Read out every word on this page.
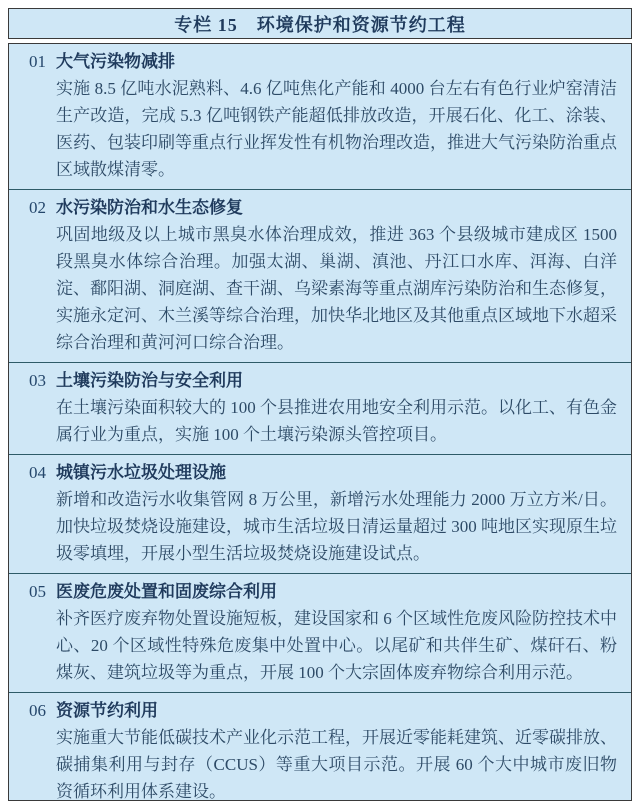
专栏 15　环境保护和资源节约工程
01 大气污染物减排
实施 8.5 亿吨水泥熟料、4.6 亿吨焦化产能和 4000 台左右有色行业炉窑清洁生产改造，完成 5.3 亿吨钢铁产能超低排放改造，开展石化、化工、涂装、医药、包装印刷等重点行业挥发性有机物治理改造，推进大气污染防治重点区域散煤清零。
02 水污染防治和水生态修复
巩固地级及以上城市黑臭水体治理成效，推进 363 个县级城市建成区 1500 段黑臭水体综合治理。加强太湖、巢湖、滇池、丹江口水库、洱海、白洋淀、鄱阳湖、洞庭湖、查干湖、乌梁素海等重点湖库污染防治和生态修复，实施永定河、木兰溪等综合治理，加快华北地区及其他重点区域地下水超采综合治理和黄河河口综合治理。
03 土壤污染防治与安全利用
在土壤污染面积较大的 100 个县推进农用地安全利用示范。以化工、有色金属行业为重点，实施 100 个土壤污染源头管控项目。
04 城镇污水垃圾处理设施
新增和改造污水收集管网 8 万公里，新增污水处理能力 2000 万立方米/日。加快垃圾焚烧设施建设，城市生活垃圾日清运量超过 300 吨地区实现原生垃圾零填埋，开展小型生活垃圾焚烧设施建设试点。
05 医废危废处置和固废综合利用
补齐医疗废弃物处置设施短板，建设国家和 6 个区域性危废风险防控技术中心、20 个区域性特殊危废集中处置中心。以尾矿和共伴生矿、煤矸石、粉煤灰、建筑垃圾等为重点，开展 100 个大宗固体废弃物综合利用示范。
06 资源节约利用
实施重大节能低碳技术产业化示范工程，开展近零能耗建筑、近零碳排放、碳捕集利用与封存（CCUS）等重大项目示范。开展 60 个大中城市废旧物资循环利用体系建设。
